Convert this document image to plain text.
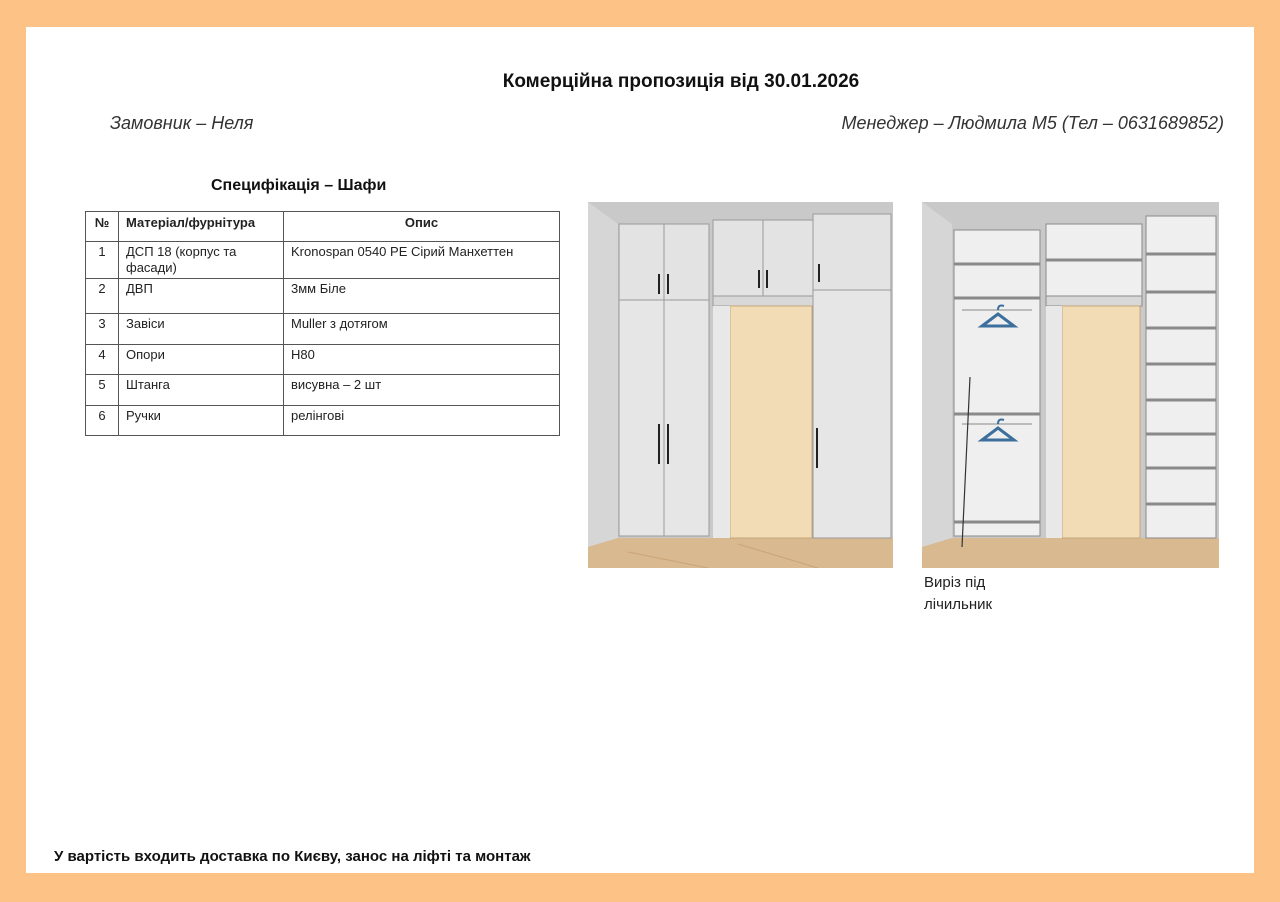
Комерційна пропозиція від 30.01.2026
Замовник – Неля	Менеджер – Людмила М5 (Тел – 0631689852)
Специфікація – Шафи
№	Матеріал/фурнітура	Опис
1	ДСП 18 (корпус та фасади)	Kronospan 0540 PE Сірий Манхеттен
2	ДВП	3мм Біле
3	Завіси	Muller з дотягом
4	Опори	Н80
5	Штанга	висувна – 2 шт
6	Ручки	релінгові
Виріз під
лічильник
У вартість входить доставка по Києву, занос на ліфті та монтаж
